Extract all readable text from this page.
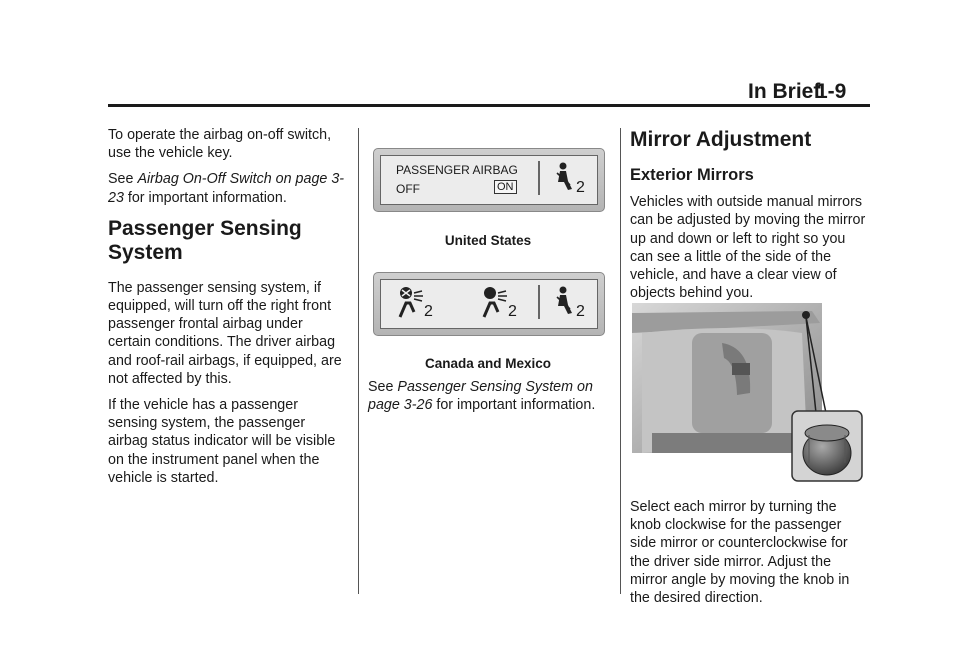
In Brief
1-9

To operate the airbag on-off switch, use the vehicle key.

See Airbag On-Off Switch on page 3-23 for important information.

Passenger Sensing System

The passenger sensing system, if equipped, will turn off the right front passenger frontal airbag under certain conditions. The driver airbag and roof-rail airbags, if equipped, are not affected by this.

If the vehicle has a passenger sensing system, the passenger airbag status indicator will be visible on the instrument panel when the vehicle is started.

PASSENGER AIRBAG
OFF	ON	2
United States
2	2	2
Canada and Mexico

See Passenger Sensing System on page 3-26 for important information.

Mirror Adjustment
Exterior Mirrors

Vehicles with outside manual mirrors can be adjusted by moving the mirror up and down or left to right so you can see a little of the side of the vehicle, and have a clear view of objects behind you.

Select each mirror by turning the knob clockwise for the passenger side mirror or counterclockwise for the driver side mirror. Adjust the mirror angle by moving the knob in the desired direction.
